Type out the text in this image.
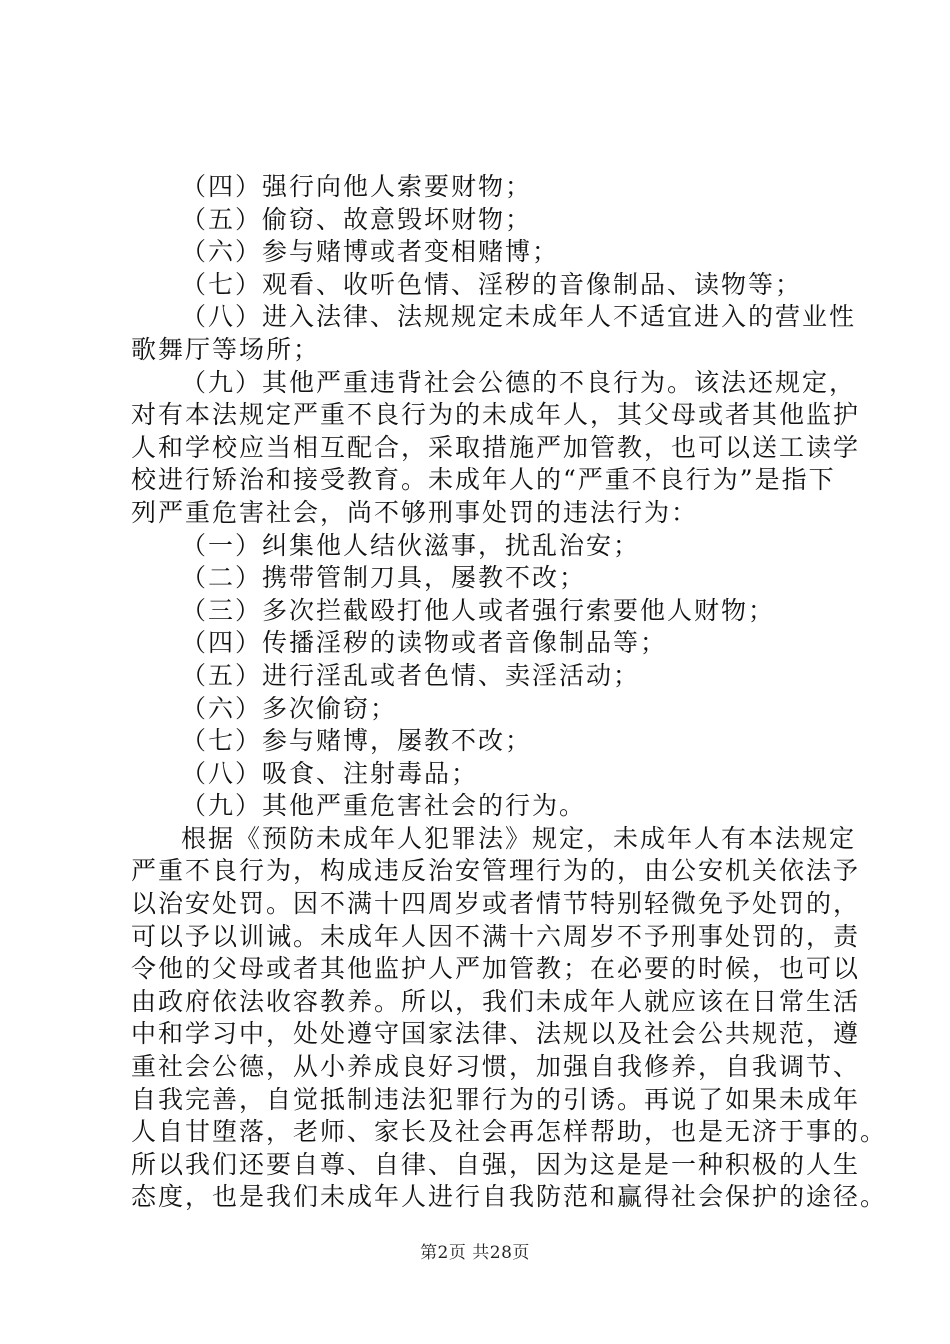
（四）强行向他人索要财物；
（五）偷窃、故意毁坏财物；
（六）参与赌博或者变相赌博；
（七）观看、收听色情、淫秽的音像制品、读物等；
（八）进入法律、法规规定未成年人不适宜进入的营业性
歌舞厅等场所；
（九）其他严重违背社会公德的不良行为。该法还规定，
对有本法规定严重不良行为的未成年人，其父母或者其他监护
人和学校应当相互配合，采取措施严加管教，也可以送工读学
校进行矫治和接受教育。未成年人的“严重不良行为”是指下
列严重危害社会，尚不够刑事处罚的违法行为：
（一）纠集他人结伙滋事，扰乱治安；
（二）携带管制刀具，屡教不改；
（三）多次拦截殴打他人或者强行索要他人财物；
（四）传播淫秽的读物或者音像制品等；
（五）进行淫乱或者色情、卖淫活动；
（六）多次偷窃；
（七）参与赌博，屡教不改；
（八）吸食、注射毒品；
（九）其他严重危害社会的行为。
根据《预防未成年人犯罪法》规定，未成年人有本法规定
严重不良行为，构成违反治安管理行为的，由公安机关依法予
以治安处罚。因不满十四周岁或者情节特别轻微免予处罚的，
可以予以训诫。未成年人因不满十六周岁不予刑事处罚的，责
令他的父母或者其他监护人严加管教；在必要的时候，也可以
由政府依法收容教养。所以，我们未成年人就应该在日常生活
中和学习中，处处遵守国家法律、法规以及社会公共规范，遵
重社会公德，从小养成良好习惯，加强自我修养，自我调节、
自我完善，自觉抵制违法犯罪行为的引诱。再说了如果未成年
人自甘堕落，老师、家长及社会再怎样帮助，也是无济于事的。
所以我们还要自尊、自律、自强，因为这是是一种积极的人生
态度，也是我们未成年人进行自我防范和赢得社会保护的途径。
第2页 共28页
